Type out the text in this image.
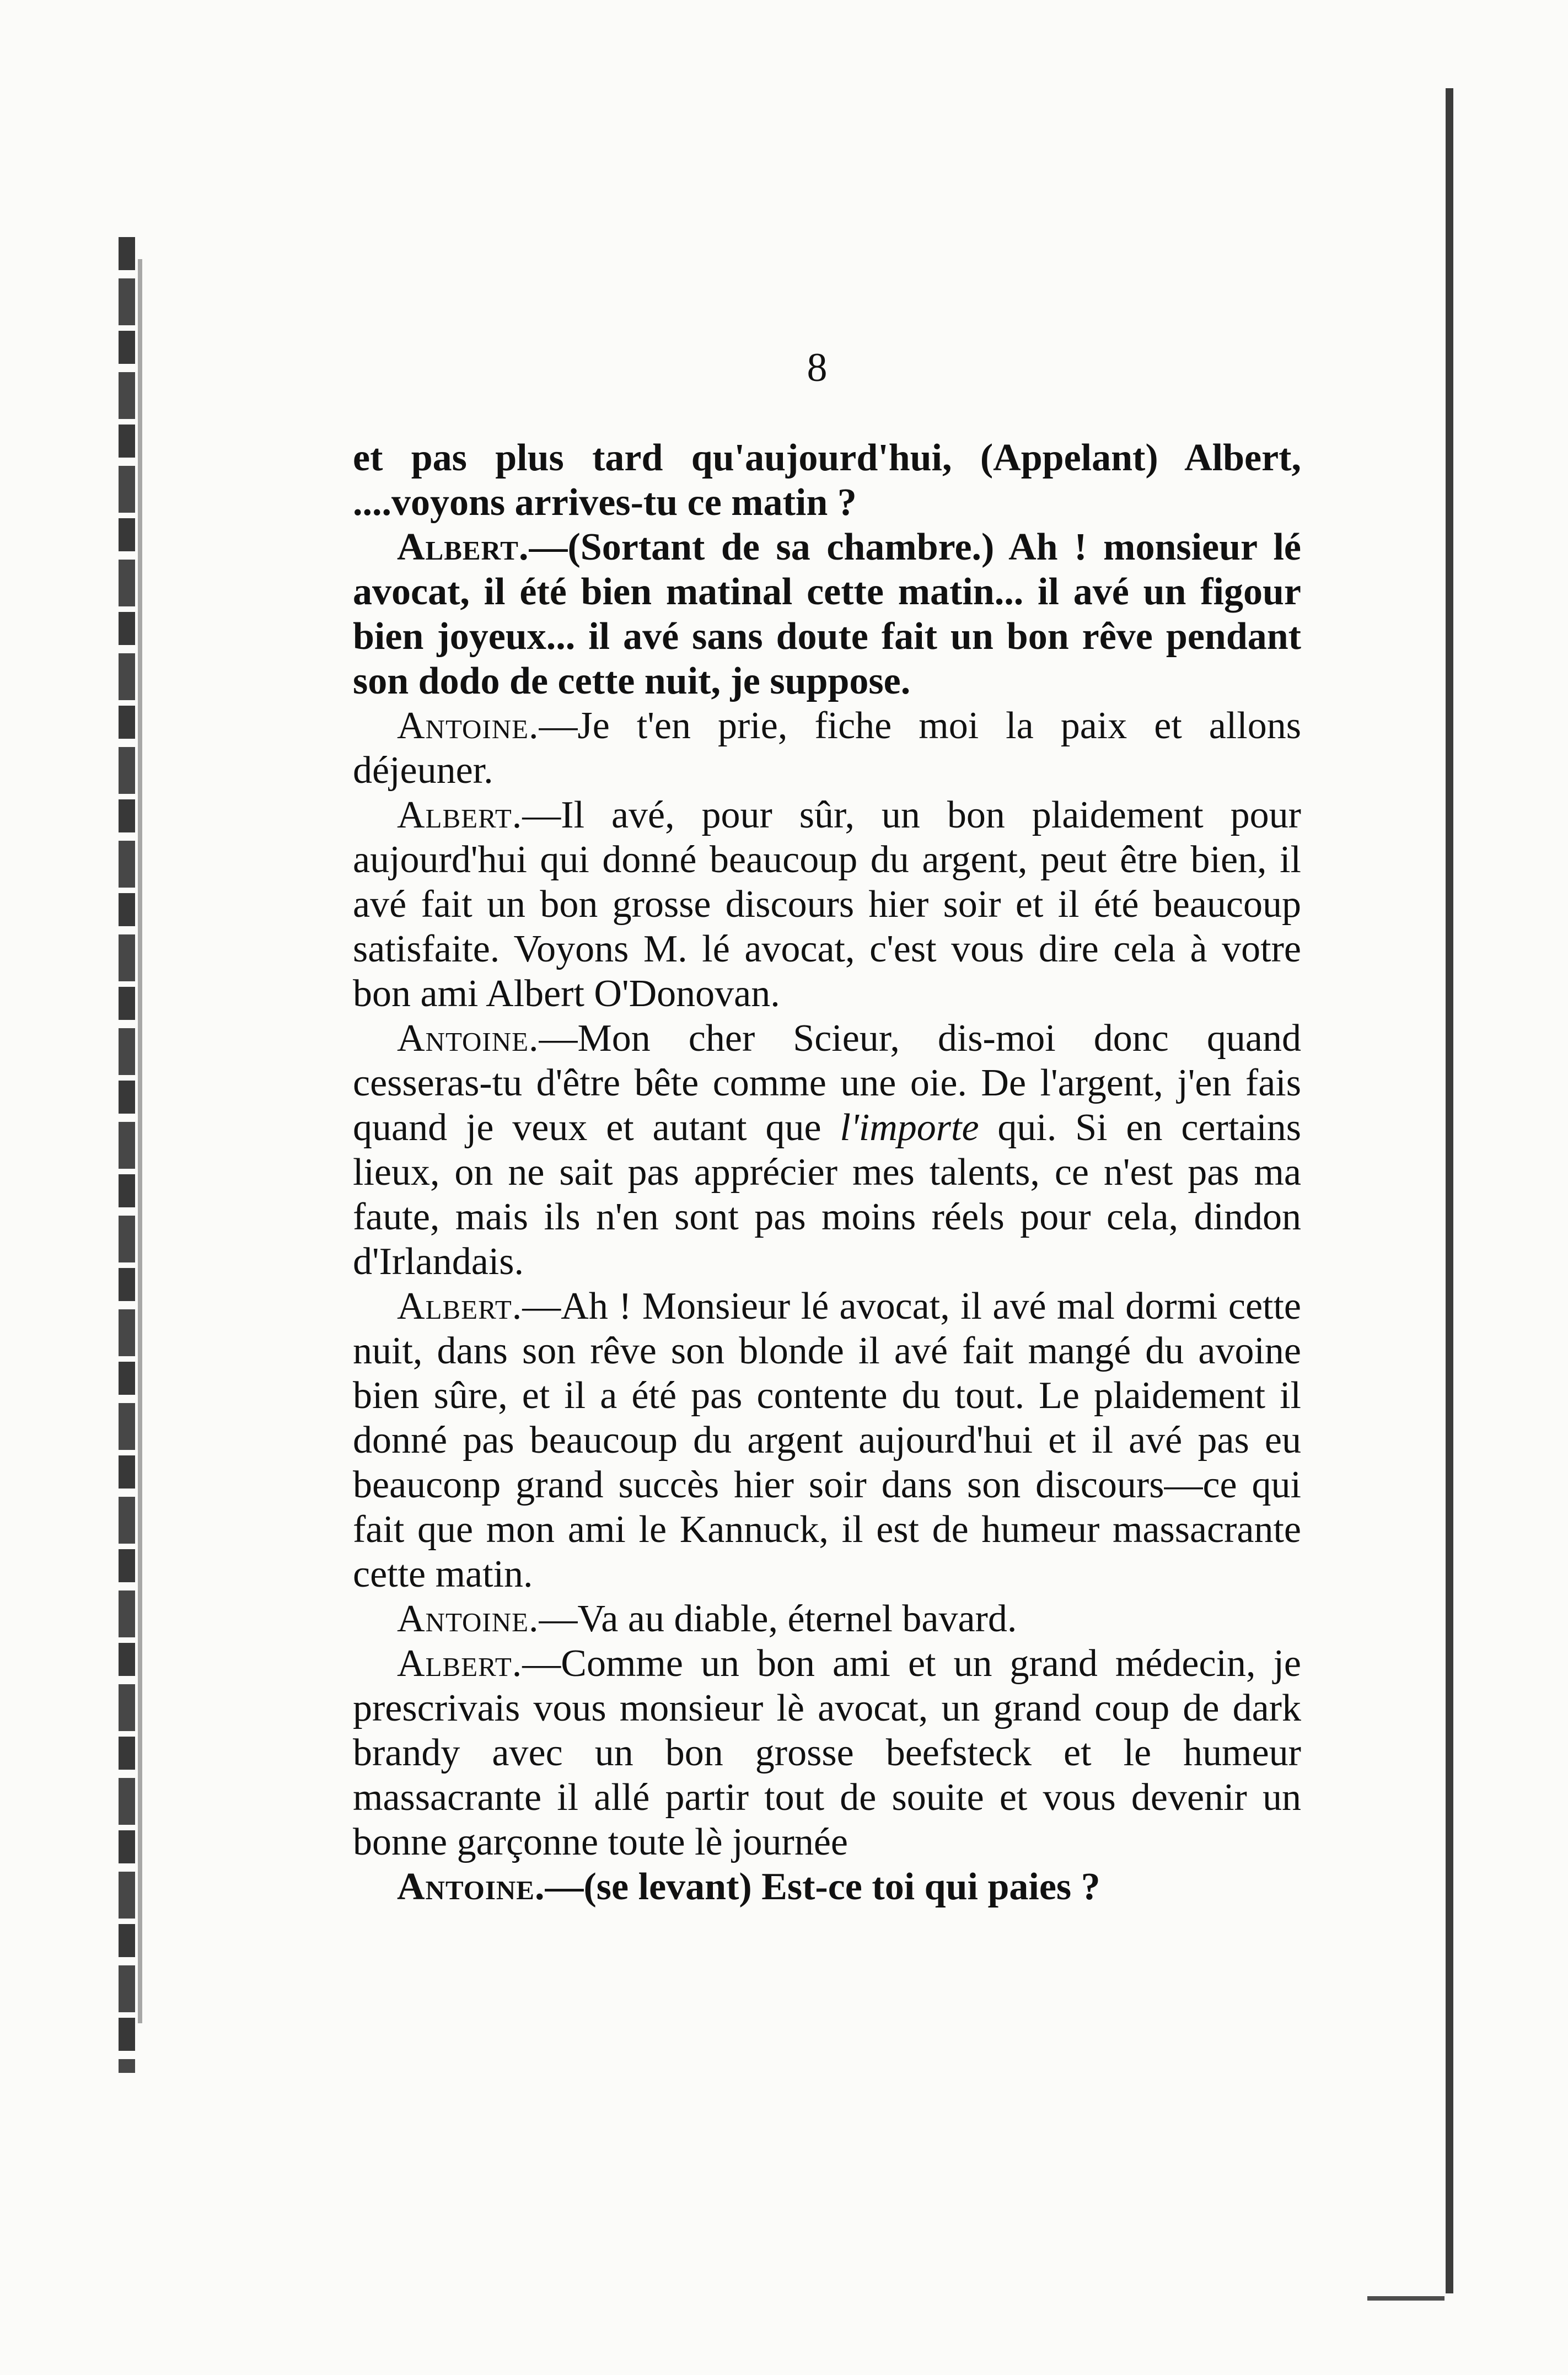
8

et pas plus tard qu'aujourd'hui, (Appelant) Albert, ....voyons arrives-tu ce matin ?

Albert.—(Sortant de sa chambre.) Ah ! monsieur lé avocat, il été bien matinal cette matin... il avé un figour bien joyeux... il avé sans doute fait un bon rêve pendant son dodo de cette nuit, je suppose.

Antoine.—Je t'en prie, fiche moi la paix et allons déjeuner.

Albert.—Il avé, pour sûr, un bon plaidement pour aujourd'hui qui donné beaucoup du argent, peut être bien, il avé fait un bon grosse discours hier soir et il été beaucoup satisfaite. Voyons M. lé avocat, c'est vous dire cela à votre bon ami Albert O'Donovan.

Antoine.—Mon cher Scieur, dis-moi donc quand cesseras-tu d'être bête comme une oie. De l'argent, j'en fais quand je veux et autant que l'importe qui. Si en certains lieux, on ne sait pas apprécier mes talents, ce n'est pas ma faute, mais ils n'en sont pas moins réels pour cela, dindon d'Irlandais.

Albert.—Ah ! Monsieur lé avocat, il avé mal dormi cette nuit, dans son rêve son blonde il avé fait mangé du avoine bien sûre, et il a été pas contente du tout. Le plaidement il donné pas beaucoup du argent aujourd'hui et il avé pas eu beauconp grand succès hier soir dans son discours—ce qui fait que mon ami le Kannuck, il est de humeur massacrante cette matin.

Antoine.—Va au diable, éternel bavard.

Albert.—Comme un bon ami et un grand médecin, je prescrivais vous monsieur lè avocat, un grand coup de dark brandy avec un bon grosse beefsteck et le humeur massacrante il allé partir tout de souite et vous devenir un bonne garçonne toute lè journée

Antoine.—(se levant) Est-ce toi qui paies ?
